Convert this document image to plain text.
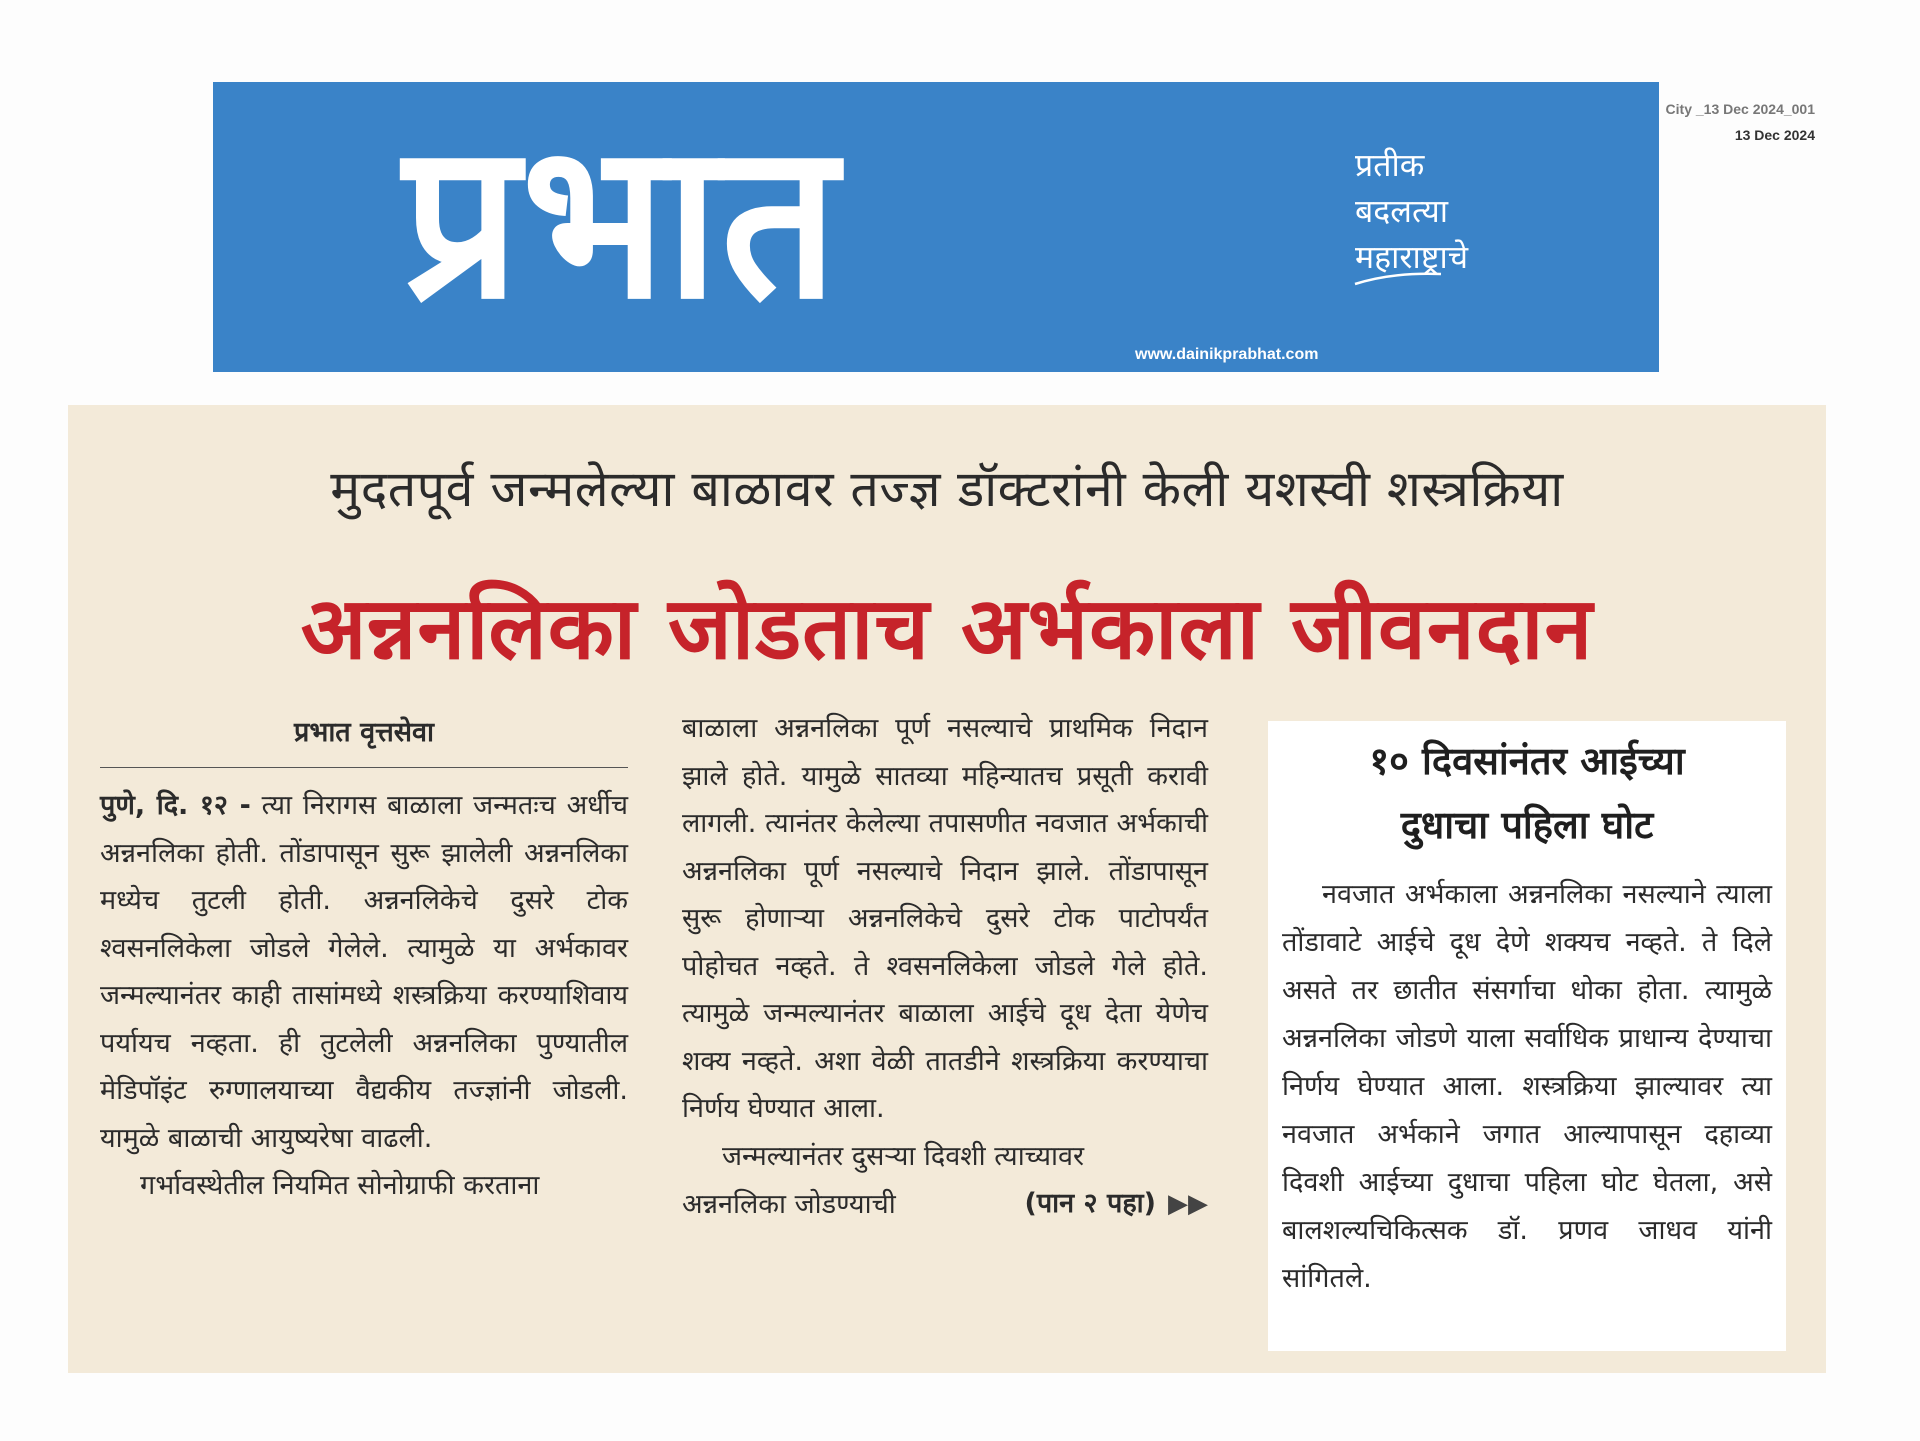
प्रभात	प्रतीक
बदलत्या
महाराष्ट्राचे
www.dainikprabhat.com
City _13 Dec 2024_001
13 Dec 2024
मुदतपूर्व जन्मलेल्या बाळावर तज्ज्ञ डॉक्टरांनी केली यशस्वी शस्त्रक्रिया
अन्ननलिका जोडताच अर्भकाला जीवनदान
प्रभात वृत्तसेवा

पुणे, दि. १२ - त्या निरागस बाळाला जन्मतःच अर्धीच अन्ननलिका होती. तोंडापासून सुरू झालेली अन्ननलिका मध्येच तुटली होती. अन्ननलिकेचे दुसरे टोक श्वसनलिकेला जोडले गेलेले. त्यामुळे या अर्भकावर जन्मल्यानंतर काही तासांमध्ये शस्त्रक्रिया करण्याशिवाय पर्यायच नव्हता. ही तुटलेली अन्ननलिका पुण्यातील मेडिपॉइंट रुग्णालयाच्या वैद्यकीय तज्ज्ञांनी जोडली. यामुळे बाळाची आयुष्यरेषा वाढली.

गर्भावस्थेतील नियमित सोनोग्राफी करताना

बाळाला अन्ननलिका पूर्ण नसल्याचे प्राथमिक निदान झाले होते. यामुळे सातव्या महिन्यातच प्रसूती करावी लागली. त्यानंतर केलेल्या तपासणीत नवजात अर्भकाची अन्ननलिका पूर्ण नसल्याचे निदान झाले. तोंडापासून सुरू होणाऱ्या अन्ननलिकेचे दुसरे टोक पाटोपर्यंत पोहोचत नव्हते. ते श्वसनलिकेला जोडले गेले होते. त्यामुळे जन्मल्यानंतर बाळाला आईचे दूध देता येणेच शक्य नव्हते. अशा वेळी तातडीने शस्त्रक्रिया करण्याचा निर्णय घेण्यात आला.

जन्मल्यानंतर दुसऱ्या दिवशी त्याच्यावर

अन्ननलिका जोडण्याची	(पान २ पहा) ▶▶
१० दिवसांनंतर आईच्या
दुधाचा पहिला घोट

नवजात अर्भकाला अन्ननलिका नसल्याने त्याला तोंडावाटे आईचे दूध देणे शक्यच नव्हते. ते दिले असते तर छातीत संसर्गाचा धोका होता. त्यामुळे अन्ननलिका जोडणे याला सर्वाधिक प्राधान्य देण्याचा निर्णय घेण्यात आला. शस्त्रक्रिया झाल्यावर त्या नवजात अर्भकाने जगात आल्यापासून दहाव्या दिवशी आईच्या दुधाचा पहिला घोट घेतला, असे बालशल्यचिकित्सक डॉ. प्रणव जाधव यांनी सांगितले.
